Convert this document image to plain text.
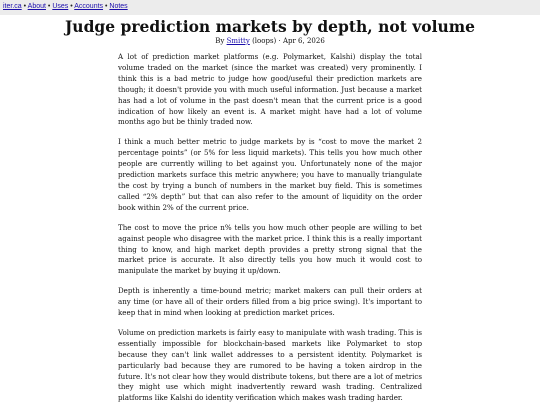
iter.ca • About • Uses • Accounts • Notes
Judge prediction markets by depth, not volume
By Smitty (loops) · Apr 6, 2026

A lot of prediction market platforms (e.g. Polymarket, Kalshi) display the total volume traded on the market (since the market was created) very prominently. I think this is a bad metric to judge how good/useful their prediction markets are though; it doesn't provide you with much useful information. Just because a market has had a lot of volume in the past doesn't mean that the current price is a good indication of how likely an event is. A market might have had a lot of volume months ago but be thinly traded now.

I think a much better metric to judge markets by is “cost to move the market 2 percentage points” (or 5% for less liquid markets). This tells you how much other people are currently willing to bet against you. Unfortunately none of the major prediction markets surface this metric anywhere; you have to manually triangulate the cost by trying a bunch of numbers in the market buy field. This is sometimes called “2% depth” but that can also refer to the amount of liquidity on the order book within 2% of the current price.

The cost to move the price n% tells you how much other people are willing to bet against people who disagree with the market price. I think this is a really important thing to know, and high market depth provides a pretty strong signal that the market price is accurate. It also directly tells you how much it would cost to manipulate the market by buying it up/down.

Depth is inherently a time-bound metric; market makers can pull their orders at any time (or have all of their orders filled from a big price swing). It's important to keep that in mind when looking at prediction market prices.

Volume on prediction markets is fairly easy to manipulate with wash trading. This is essentially impossible for blockchain-based markets like Polymarket to stop because they can't link wallet addresses to a persistent identity. Polymarket is particularly bad because they are rumored to be having a token airdrop in the future. It's not clear how they would distribute tokens, but there are a lot of metrics they might use which might inadvertently reward wash trading. Centralized platforms like Kalshi do identity verification which makes wash trading harder.
